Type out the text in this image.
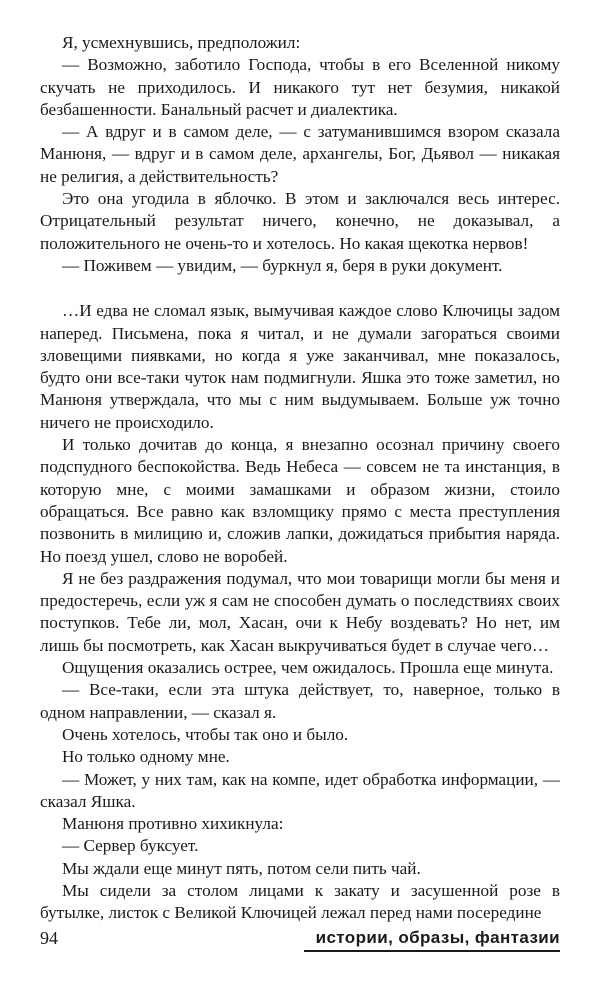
Я, усмехнувшись, предположил:

— Возможно, заботило Господа, чтобы в его Вселенной никому скучать не приходилось. И никакого тут нет безумия, никакой безбашенности. Банальный расчет и диалектика.

— А вдруг и в самом деле, — с затуманившимся взором сказала Манюня, — вдруг и в самом деле, архангелы, Бог, Дьявол — никакая не религия, а действительность?

Это она угодила в яблочко. В этом и заключался весь интерес. Отрицательный результат ничего, конечно, не доказывал, а положительного не очень-то и хотелось. Но какая щекотка нервов!

— Поживем — увидим, — буркнул я, беря в руки документ.

…И едва не сломал язык, вымучивая каждое слово Ключицы задом наперед. Письмена, пока я читал, и не думали загораться своими зловещими пиявками, но когда я уже заканчивал, мне показалось, будто они все-таки чуток нам подмигнули. Яшка это тоже заметил, но Манюня утверждала, что мы с ним выдумываем. Больше уж точно ничего не происходило.

И только дочитав до конца, я внезапно осознал причину своего подспудного беспокойства. Ведь Небеса — совсем не та инстанция, в которую мне, с моими замашками и образом жизни, стоило обращаться. Все равно как взломщику прямо с места преступления позвонить в милицию и, сложив лапки, дожидаться прибытия наряда. Но поезд ушел, слово не воробей.

Я не без раздражения подумал, что мои товарищи могли бы меня и предостеречь, если уж я сам не способен думать о последствиях своих поступков. Тебе ли, мол, Хасан, очи к Небу воздевать? Но нет, им лишь бы посмотреть, как Хасан выкручиваться будет в случае чего…

Ощущения оказались острее, чем ожидалось. Прошла еще минута.

— Все-таки, если эта штука действует, то, наверное, только в одном направлении, — сказал я.

Очень хотелось, чтобы так оно и было.

Но только одному мне.

— Может, у них там, как на компе, идет обработка информации, — сказал Яшка.

Манюня противно хихикнула:

— Сервер буксует.

Мы ждали еще минут пять, потом сели пить чай.

Мы сидели за столом лицами к закату и засушенной розе в бутылке, листок с Великой Ключицей лежал перед нами посередине

94	истории, образы, фантазии
